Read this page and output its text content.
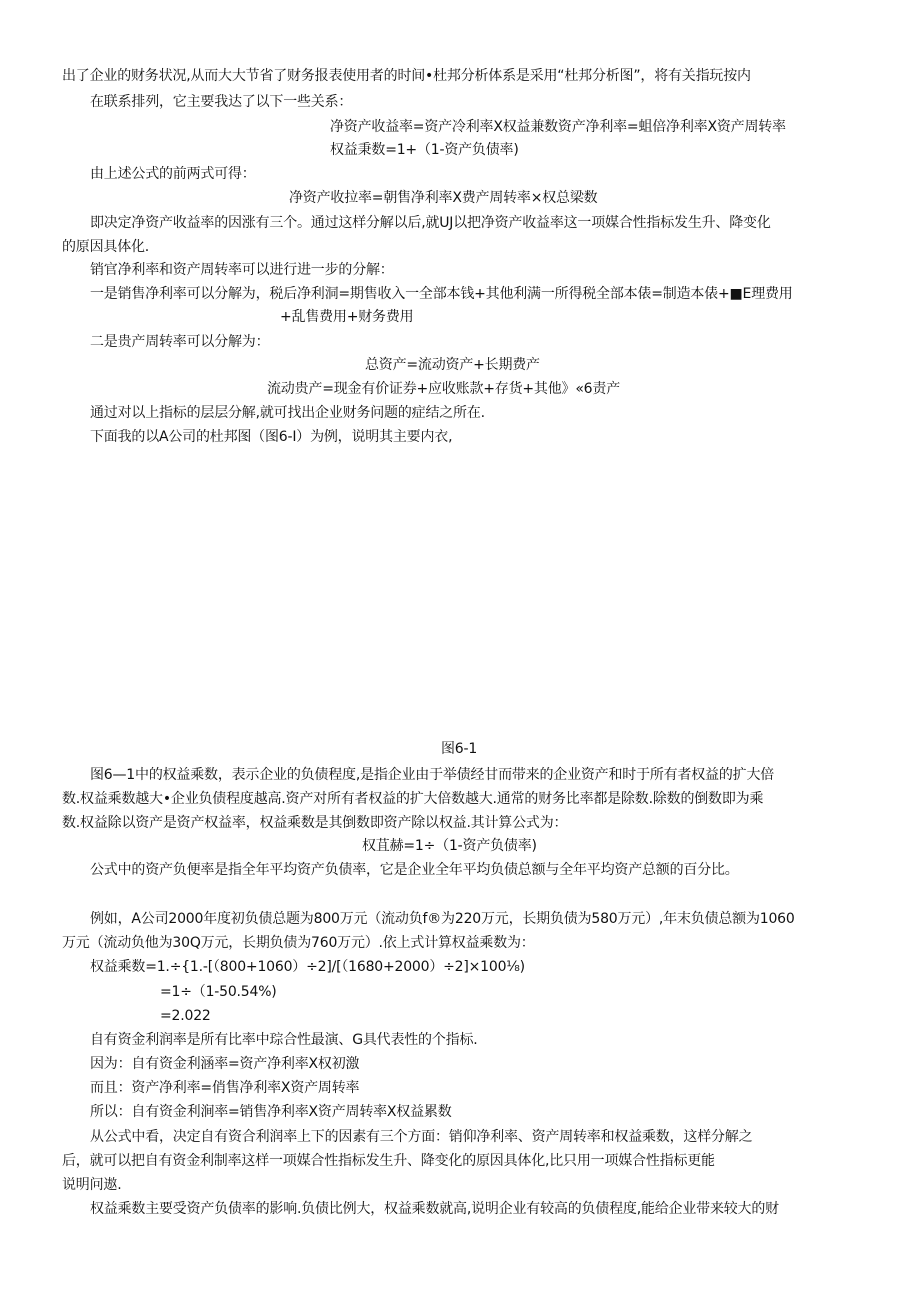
出了企业的财务状况,从而大大节省了财务报表使用者的时间•杜邦分析体系是采用“杜邦分析图”，将有关指玩按内
在联系排列，它主要我达了以下一些关系：
净资产收益率=资产冷利率X权益兼数资产净利率=蛆倍净利率X资产周转率
权益秉数=1+（1-资产负债率)
由上述公式的前两式可得：
净资产收拉率=朝售净利率X费产周转率×权总梁数
即决定净资产收益率的因涨有三个。通过这样分解以后,就UJ以把净资产收益率这一项媒合性指标发生升、降变化
的原因具体化.
销官净利率和资产周转率可以进行进一步的分解：
一是销售净利率可以分解为，税后净利洞=期售收入一全部本钱+其他利满一所得税全部本俵=制造本俵+■E理费用
+乱售费用+财务费用
二是贵产周转率可以分解为：
总资产=流动资产+长期费产
流动贵产=现金有价证券+应收账款+存货+其他》«6责产
通过对以上指标的层层分解,就可找出企业财务问题的症结之所在.
下面我的以A公司的杜邦图（图6-I）为例，说明其主要内衣,
图6-1
图6—1中的权益乘数，表示企业的负债程度,是指企业由于举债经甘而带来的企业资产和时于所有者权益的扩大倍
数.权益乘数越大•企业负债程度越高.资产对所有者权益的扩大倍数越大.通常的财务比率都是除数.除数的倒数即为乘
数.权益除以资产是资产权益率，权益乘数是其倒数即资产除以权益.其计算公式为：
权苴赫=1÷（1-资产负债率)
公式中的资产负便率是指全年平均资产负债率，它是企业全年平均负债总额与全年平均资产总额的百分比。
例如，A公司2000年度初负债总题为800万元（流动负f®为220万元，长期负债为580万元）,年末负债总额为1060
万元（流动负他为30Q万元，长期负债为760万元）.依上式计算权益乘数为：
权益乘数=1.÷{1.-[（800+1060）÷2]/[（1680+2000）÷2]×100⅛)
=1÷（1-50.54%)
=2.022
自有资金利润率是所有比率中琮合性最演、G具代表性的个指标.
因为：自有资金利涵率=资产净利率X权初激
而且：资产净利率=俏售净利率X资产周转率
所以：自有资金利涧率=销售净利率X资产周转率X权益累数
从公式中看，决定自有资合利润率上下的因素有三个方面：销仰净利率、资产周转率和权益乘数，这样分解之
后，就可以把自有资金利制率这样一项媒合性指标发生升、降变化的原因具体化,比只用一项媒合性指标更能
说明问遨.
权益乘数主要受资产负债率的影响.负债比例大，权益乘数就高,说明企业有较高的负债程度,能给企业带来较大的财
